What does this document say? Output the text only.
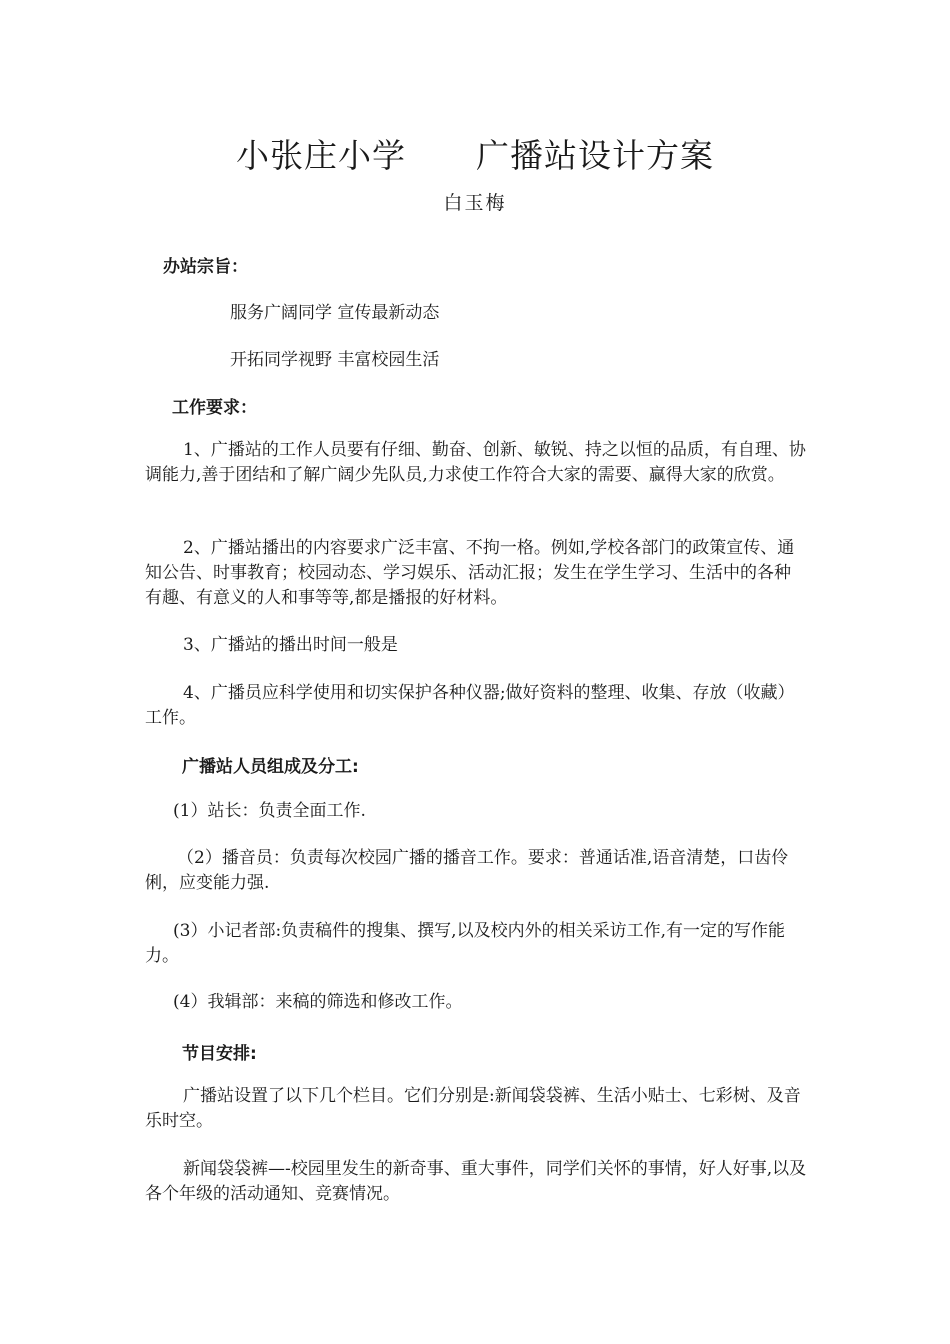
小张庄小学 广播站设计方案
白玉梅
办站宗旨：
服务广阔同学 宣传最新动态
开拓同学视野 丰富校园生活
工作要求：
1、广播站的工作人员要有仔细、勤奋、创新、敏锐、持之以恒的品质，有自理、协调能力,善于团结和了解广阔少先队员,力求使工作符合大家的需要、赢得大家的欣赏。
2、广播站播出的内容要求广泛丰富、不拘一格。例如,学校各部门的政策宣传、通知公告、时事教育；校园动态、学习娱乐、活动汇报；发生在学生学习、生活中的各种有趣、有意义的人和事等等,都是播报的好材料。
3、广播站的播出时间一般是
4、广播员应科学使用和切实保护各种仪器;做好资料的整理、收集、存放（收藏）工作。
广播站人员组成及分工:
(1）站长：负责全面工作.
（2）播音员：负责每次校园广播的播音工作。要求：普通话准,语音清楚，口齿伶俐，应变能力强.
(3）小记者部:负责稿件的搜集、撰写,以及校内外的相关采访工作,有一定的写作能力。
(4）我辑部：来稿的筛选和修改工作。
节目安排:
广播站设置了以下几个栏目。它们分别是:新闻袋袋裤、生活小贴士、七彩树、及音乐时空。
新闻袋袋裤—-校园里发生的新奇事、重大事件，同学们关怀的事情，好人好事,以及各个年级的活动通知、竞赛情况。
